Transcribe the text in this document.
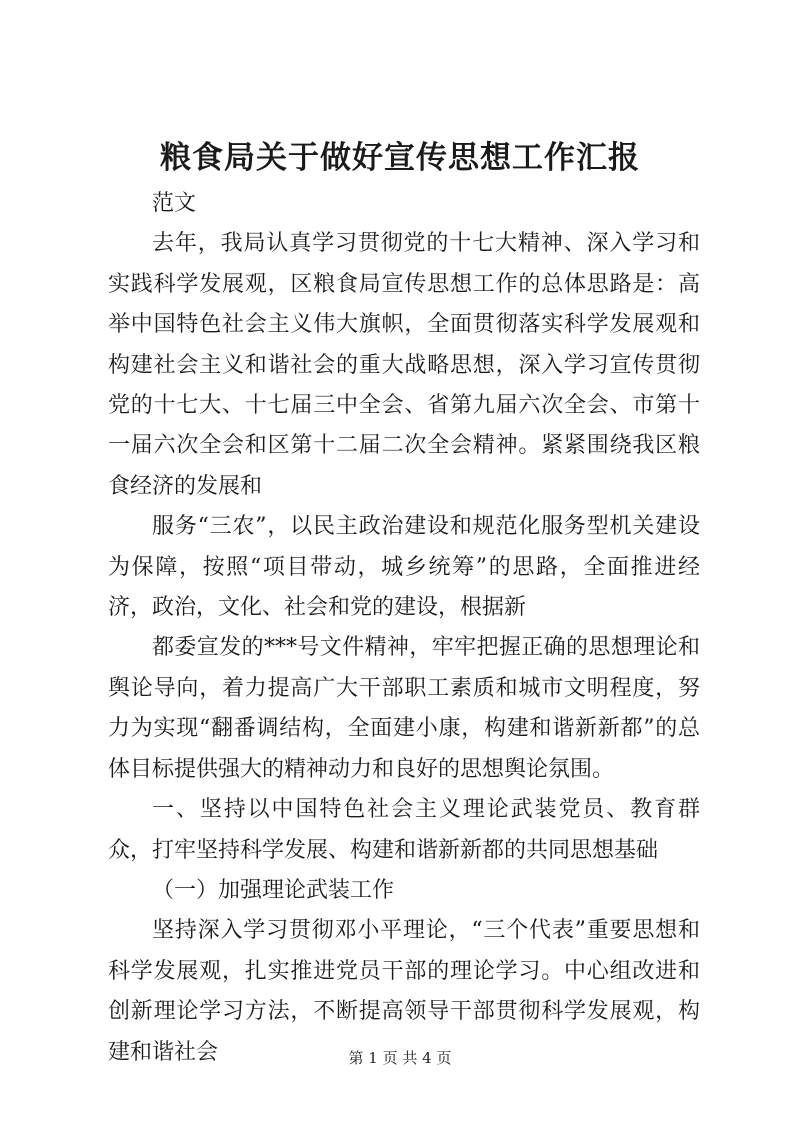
粮食局关于做好宣传思想工作汇报

范文

去年，我局认真学习贯彻党的十七大精神、深入学习和实践科学发展观，区粮食局宣传思想工作的总体思路是：高举中国特色社会主义伟大旗帜，全面贯彻落实科学发展观和构建社会主义和谐社会的重大战略思想，深入学习宣传贯彻党的十七大、十七届三中全会、省第九届六次全会、市第十一届六次全会和区第十二届二次全会精神。紧紧围绕我区粮食经济的发展和

服务“三农”，以民主政治建设和规范化服务型机关建设为保障，按照“项目带动，城乡统筹”的思路，全面推进经济，政治，文化、社会和党的建设，根据新

都委宣发的***号文件精神，牢牢把握正确的思想理论和舆论导向，着力提高广大干部职工素质和城市文明程度，努力为实现“翻番调结构，全面建小康，构建和谐新新都”的总体目标提供强大的精神动力和良好的思想舆论氛围。

一、坚持以中国特色社会主义理论武装党员、教育群众，打牢坚持科学发展、构建和谐新新都的共同思想基础

（一）加强理论武装工作

坚持深入学习贯彻邓小平理论，“三个代表”重要思想和科学发展观，扎实推进党员干部的理论学习。中心组改进和创新理论学习方法，不断提高领导干部贯彻科学发展观，构建和谐社会	第 1 页 共 4 页
